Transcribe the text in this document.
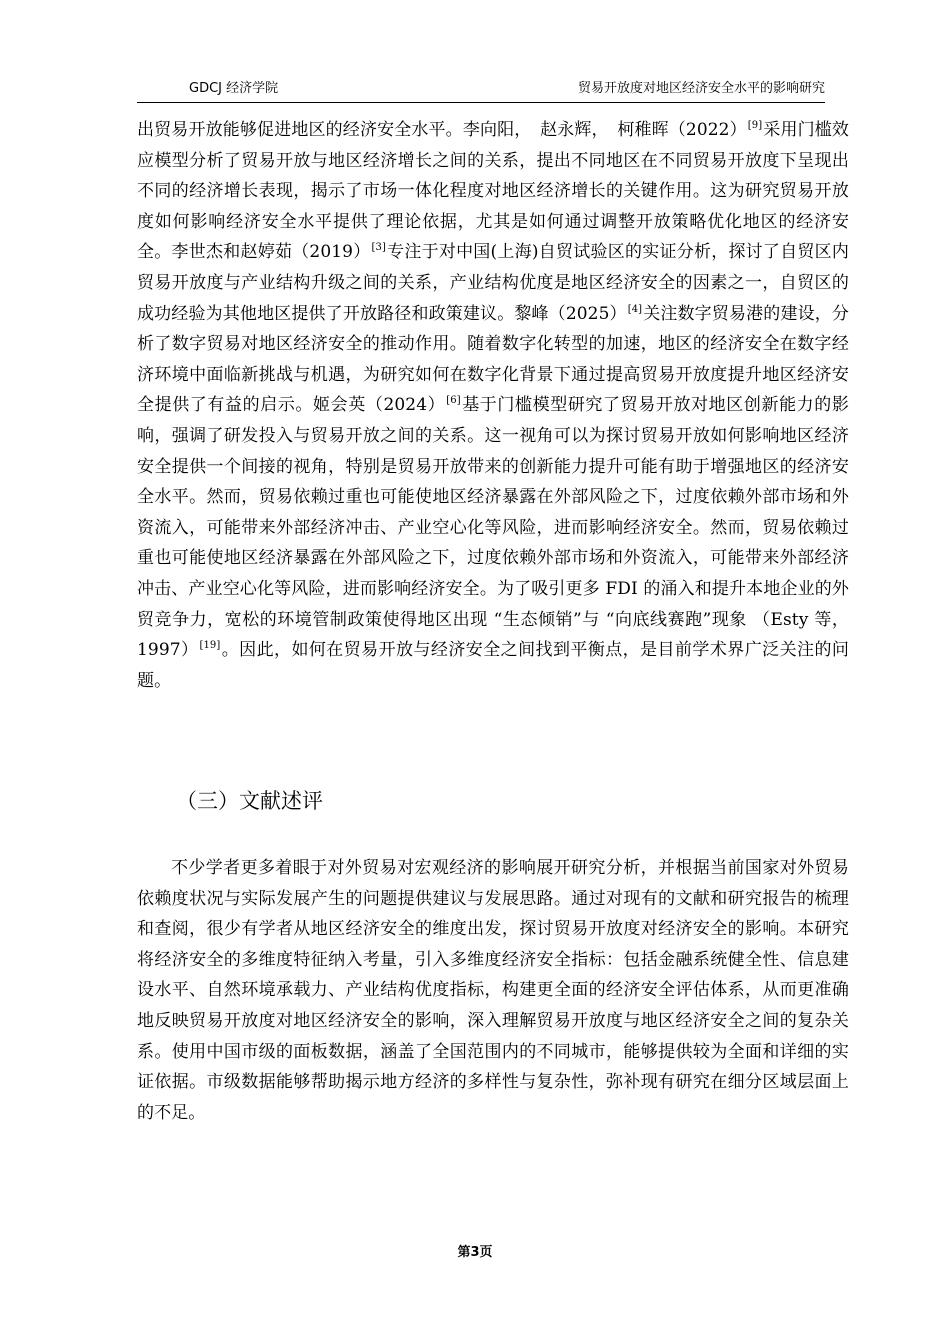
GDCJ 经济学院	贸易开放度对地区经济安全水平的影响研究

出贸易开放能够促进地区的经济安全水平。李向阳，　赵永辉，　柯稚晖（2022）[9]采用门槛效应模型分析了贸易开放与地区经济增长之间的关系，提出不同地区在不同贸易开放度下呈现出不同的经济增长表现，揭示了市场一体化程度对地区经济增长的关键作用。这为研究贸易开放度如何影响经济安全水平提供了理论依据，尤其是如何通过调整开放策略优化地区的经济安全。李世杰和赵婷茹（2019）[3]专注于对中国(上海)自贸试验区的实证分析，探讨了自贸区内贸易开放度与产业结构升级之间的关系，产业结构优度是地区经济安全的因素之一，自贸区的成功经验为其他地区提供了开放路径和政策建议。黎峰（2025）[4]关注数字贸易港的建设，分析了数字贸易对地区经济安全的推动作用。随着数字化转型的加速，地区的经济安全在数字经济环境中面临新挑战与机遇，为研究如何在数字化背景下通过提高贸易开放度提升地区经济安全提供了有益的启示。姬会英（2024）[6]基于门槛模型研究了贸易开放对地区创新能力的影响，强调了研发投入与贸易开放之间的关系。这一视角可以为探讨贸易开放如何影响地区经济安全提供一个间接的视角，特别是贸易开放带来的创新能力提升可能有助于增强地区的经济安全水平。然而，贸易依赖过重也可能使地区经济暴露在外部风险之下，过度依赖外部市场和外资流入，可能带来外部经济冲击、产业空心化等风险，进而影响经济安全。然而，贸易依赖过重也可能使地区经济暴露在外部风险之下，过度依赖外部市场和外资流入，可能带来外部经济冲击、产业空心化等风险，进而影响经济安全。为了吸引更多 FDI 的涌入和提升本地企业的外贸竞争力，宽松的环境管制政策使得地区出现 “生态倾销”与 “向底线赛跑”现象 （Esty 等，1997）[19]。因此，如何在贸易开放与经济安全之间找到平衡点，是目前学术界广泛关注的问题。

（三）文献述评

不少学者更多着眼于对外贸易对宏观经济的影响展开研究分析，并根据当前国家对外贸易依赖度状况与实际发展产生的问题提供建议与发展思路。通过对现有的文献和研究报告的梳理和查阅，很少有学者从地区经济安全的维度出发，探讨贸易开放度对经济安全的影响。本研究将经济安全的多维度特征纳入考量，引入多维度经济安全指标：包括金融系统健全性、信息建设水平、自然环境承载力、产业结构优度指标，构建更全面的经济安全评估体系，从而更准确地反映贸易开放度对地区经济安全的影响，深入理解贸易开放度与地区经济安全之间的复杂关系。使用中国市级的面板数据，涵盖了全国范围内的不同城市，能够提供较为全面和详细的实证依据。市级数据能够帮助揭示地方经济的多样性与复杂性，弥补现有研究在细分区域层面上的不足。

第3页
